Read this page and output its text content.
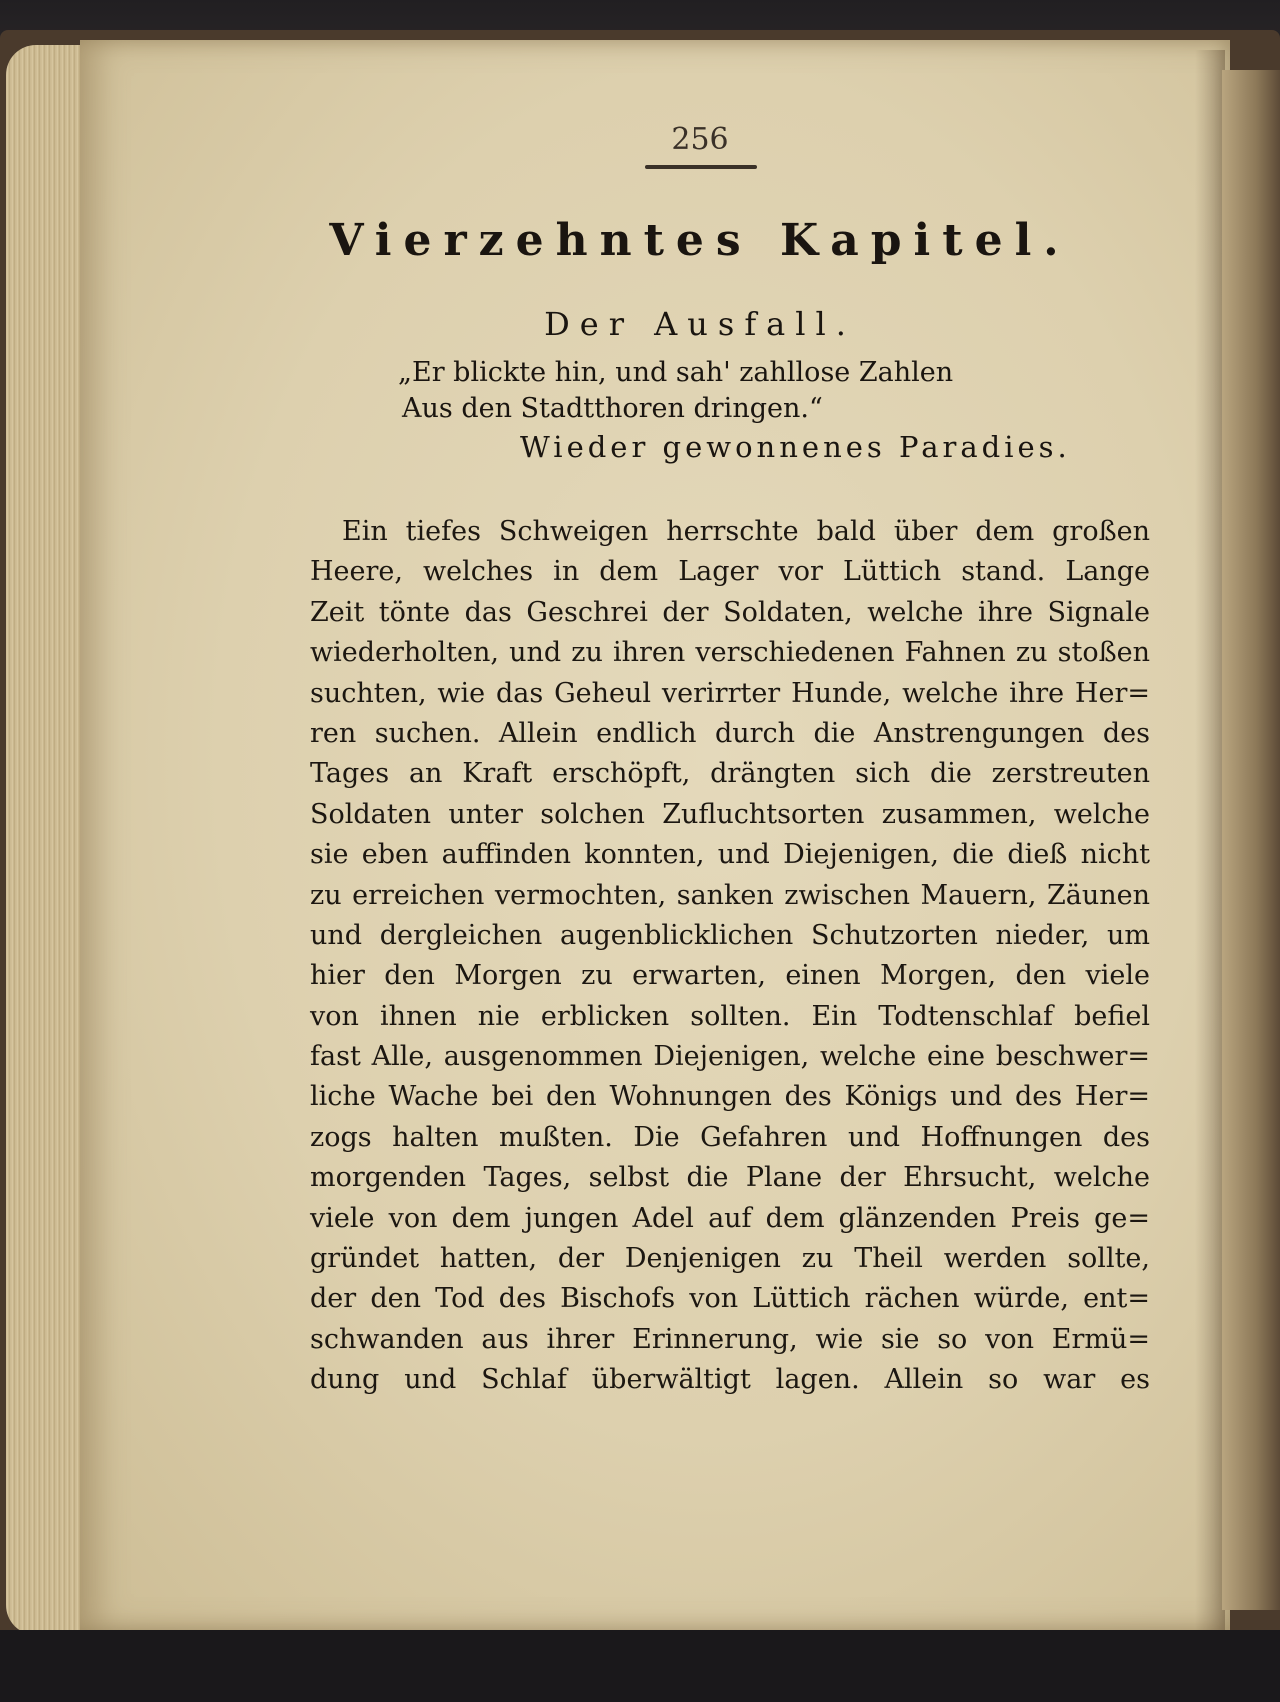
256
Vierzehntes Kapitel.
Der Ausfall.
„Er blickte hin, und sah' zahllose Zahlen
Aus den Stadtthoren dringen.“
Wieder gewonnenes Paradies.
Ein tiefes Schweigen herrschte bald über dem großen
Heere, welches in dem Lager vor Lüttich stand. Lange
Zeit tönte das Geschrei der Soldaten, welche ihre Signale
wiederholten, und zu ihren verschiedenen Fahnen zu stoßen
suchten, wie das Geheul verirrter Hunde, welche ihre Her=
ren suchen. Allein endlich durch die Anstrengungen des
Tages an Kraft erschöpft, drängten sich die zerstreuten
Soldaten unter solchen Zufluchtsorten zusammen, welche
sie eben auffinden konnten, und Diejenigen, die dieß nicht
zu erreichen vermochten, sanken zwischen Mauern, Zäunen
und dergleichen augenblicklichen Schutzorten nieder, um
hier den Morgen zu erwarten, einen Morgen, den viele
von ihnen nie erblicken sollten. Ein Todtenschlaf befiel
fast Alle, ausgenommen Diejenigen, welche eine beschwer=
liche Wache bei den Wohnungen des Königs und des Her=
zogs halten mußten. Die Gefahren und Hoffnungen des
morgenden Tages, selbst die Plane der Ehrsucht, welche
viele von dem jungen Adel auf dem glänzenden Preis ge=
gründet hatten, der Denjenigen zu Theil werden sollte,
der den Tod des Bischofs von Lüttich rächen würde, ent=
schwanden aus ihrer Erinnerung, wie sie so von Ermü=
dung und Schlaf überwältigt lagen. Allein so war es
